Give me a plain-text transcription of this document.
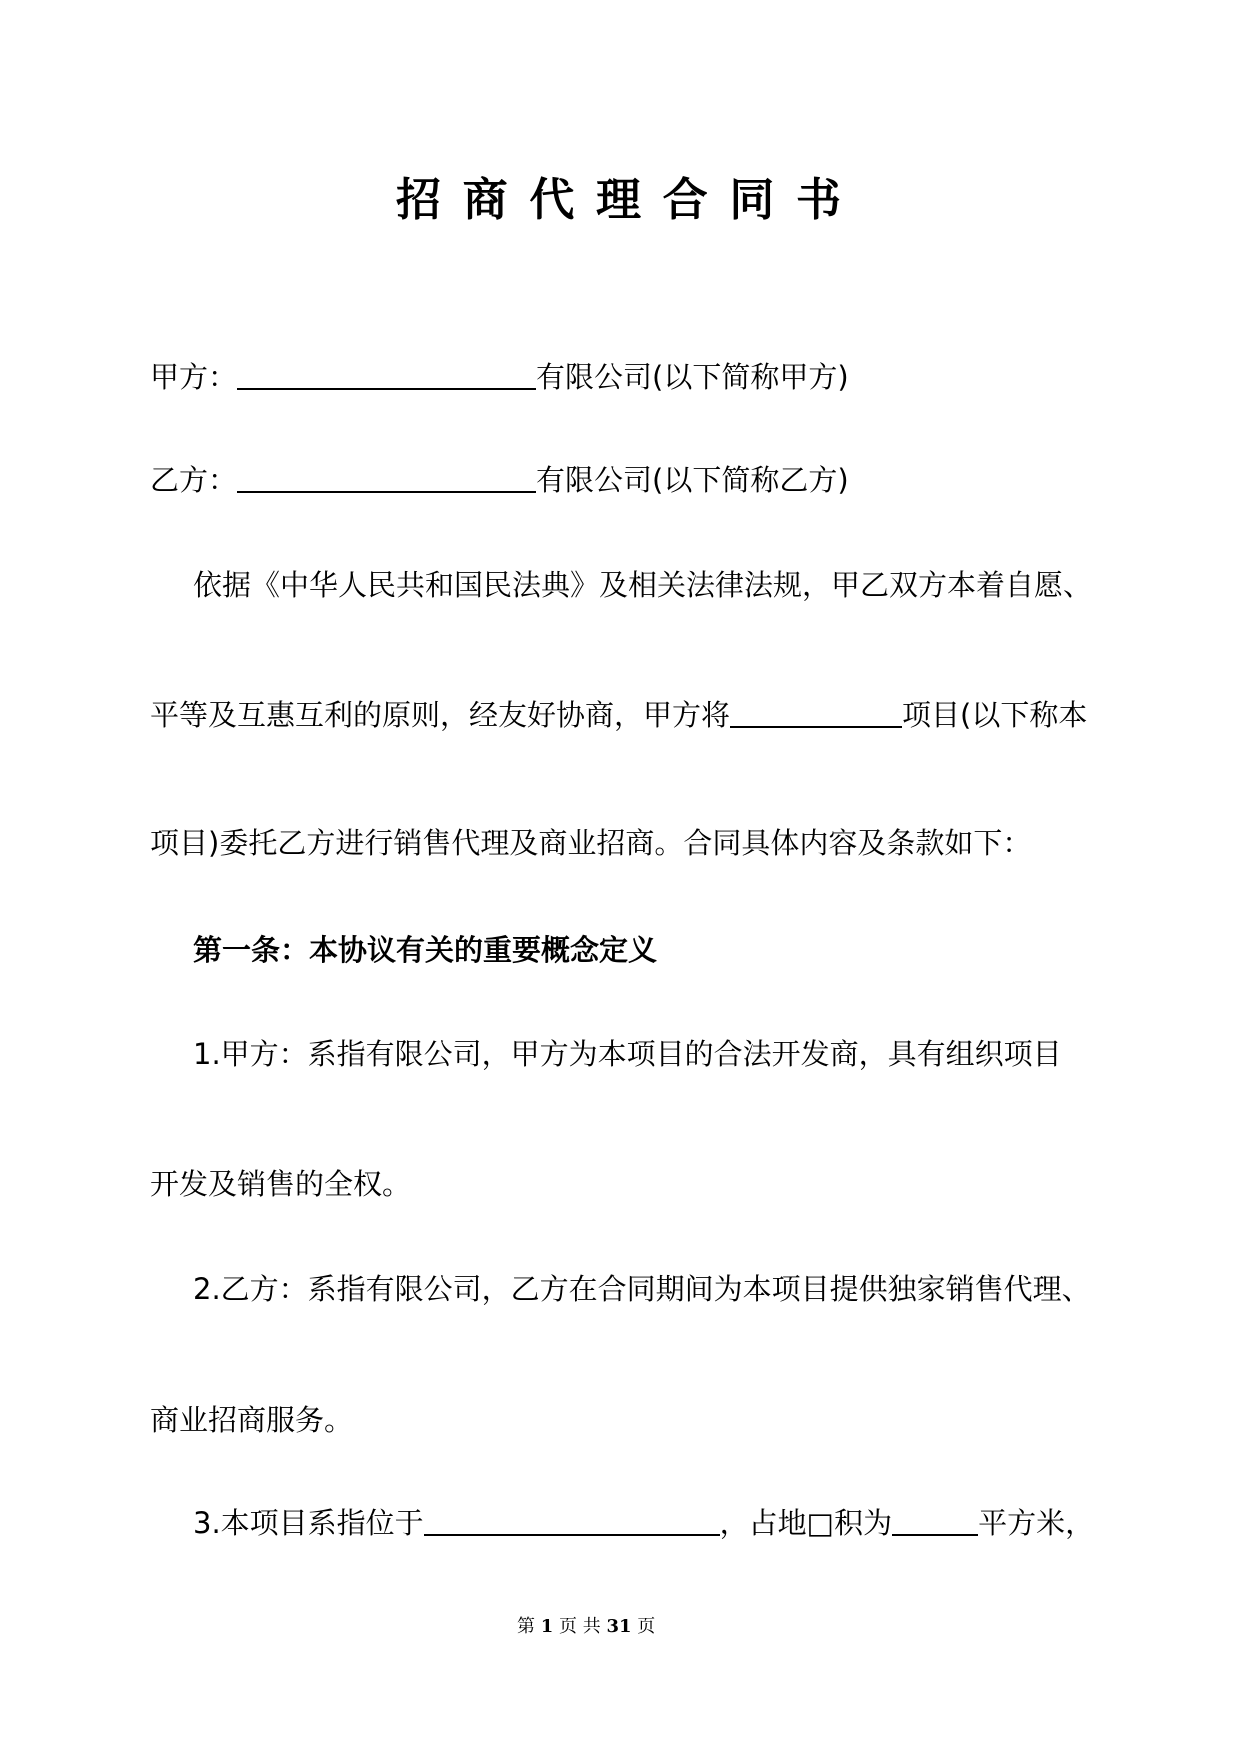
招 商 代 理 合 同 书
甲方：	有限公司(以下简称甲方)
乙方：	有限公司(以下简称乙方)
依据《中华人民共和国民法典》及相关法律法规，甲乙双方本着自愿、
平等及互惠互利的原则，经友好协商，甲方将	项目(以下称本
项目)委托乙方进行销售代理及商业招商。合同具体内容及条款如下：
第一条：本协议有关的重要概念定义
1.甲方：系指有限公司，甲方为本项目的合法开发商，具有组织项目
开发及销售的全权。
2.乙方：系指有限公司，乙方在合同期间为本项目提供独家销售代理、
商业招商服务。
3.本项目系指位于	，占地□积为	平方米，
第 1 页 共 31 页
